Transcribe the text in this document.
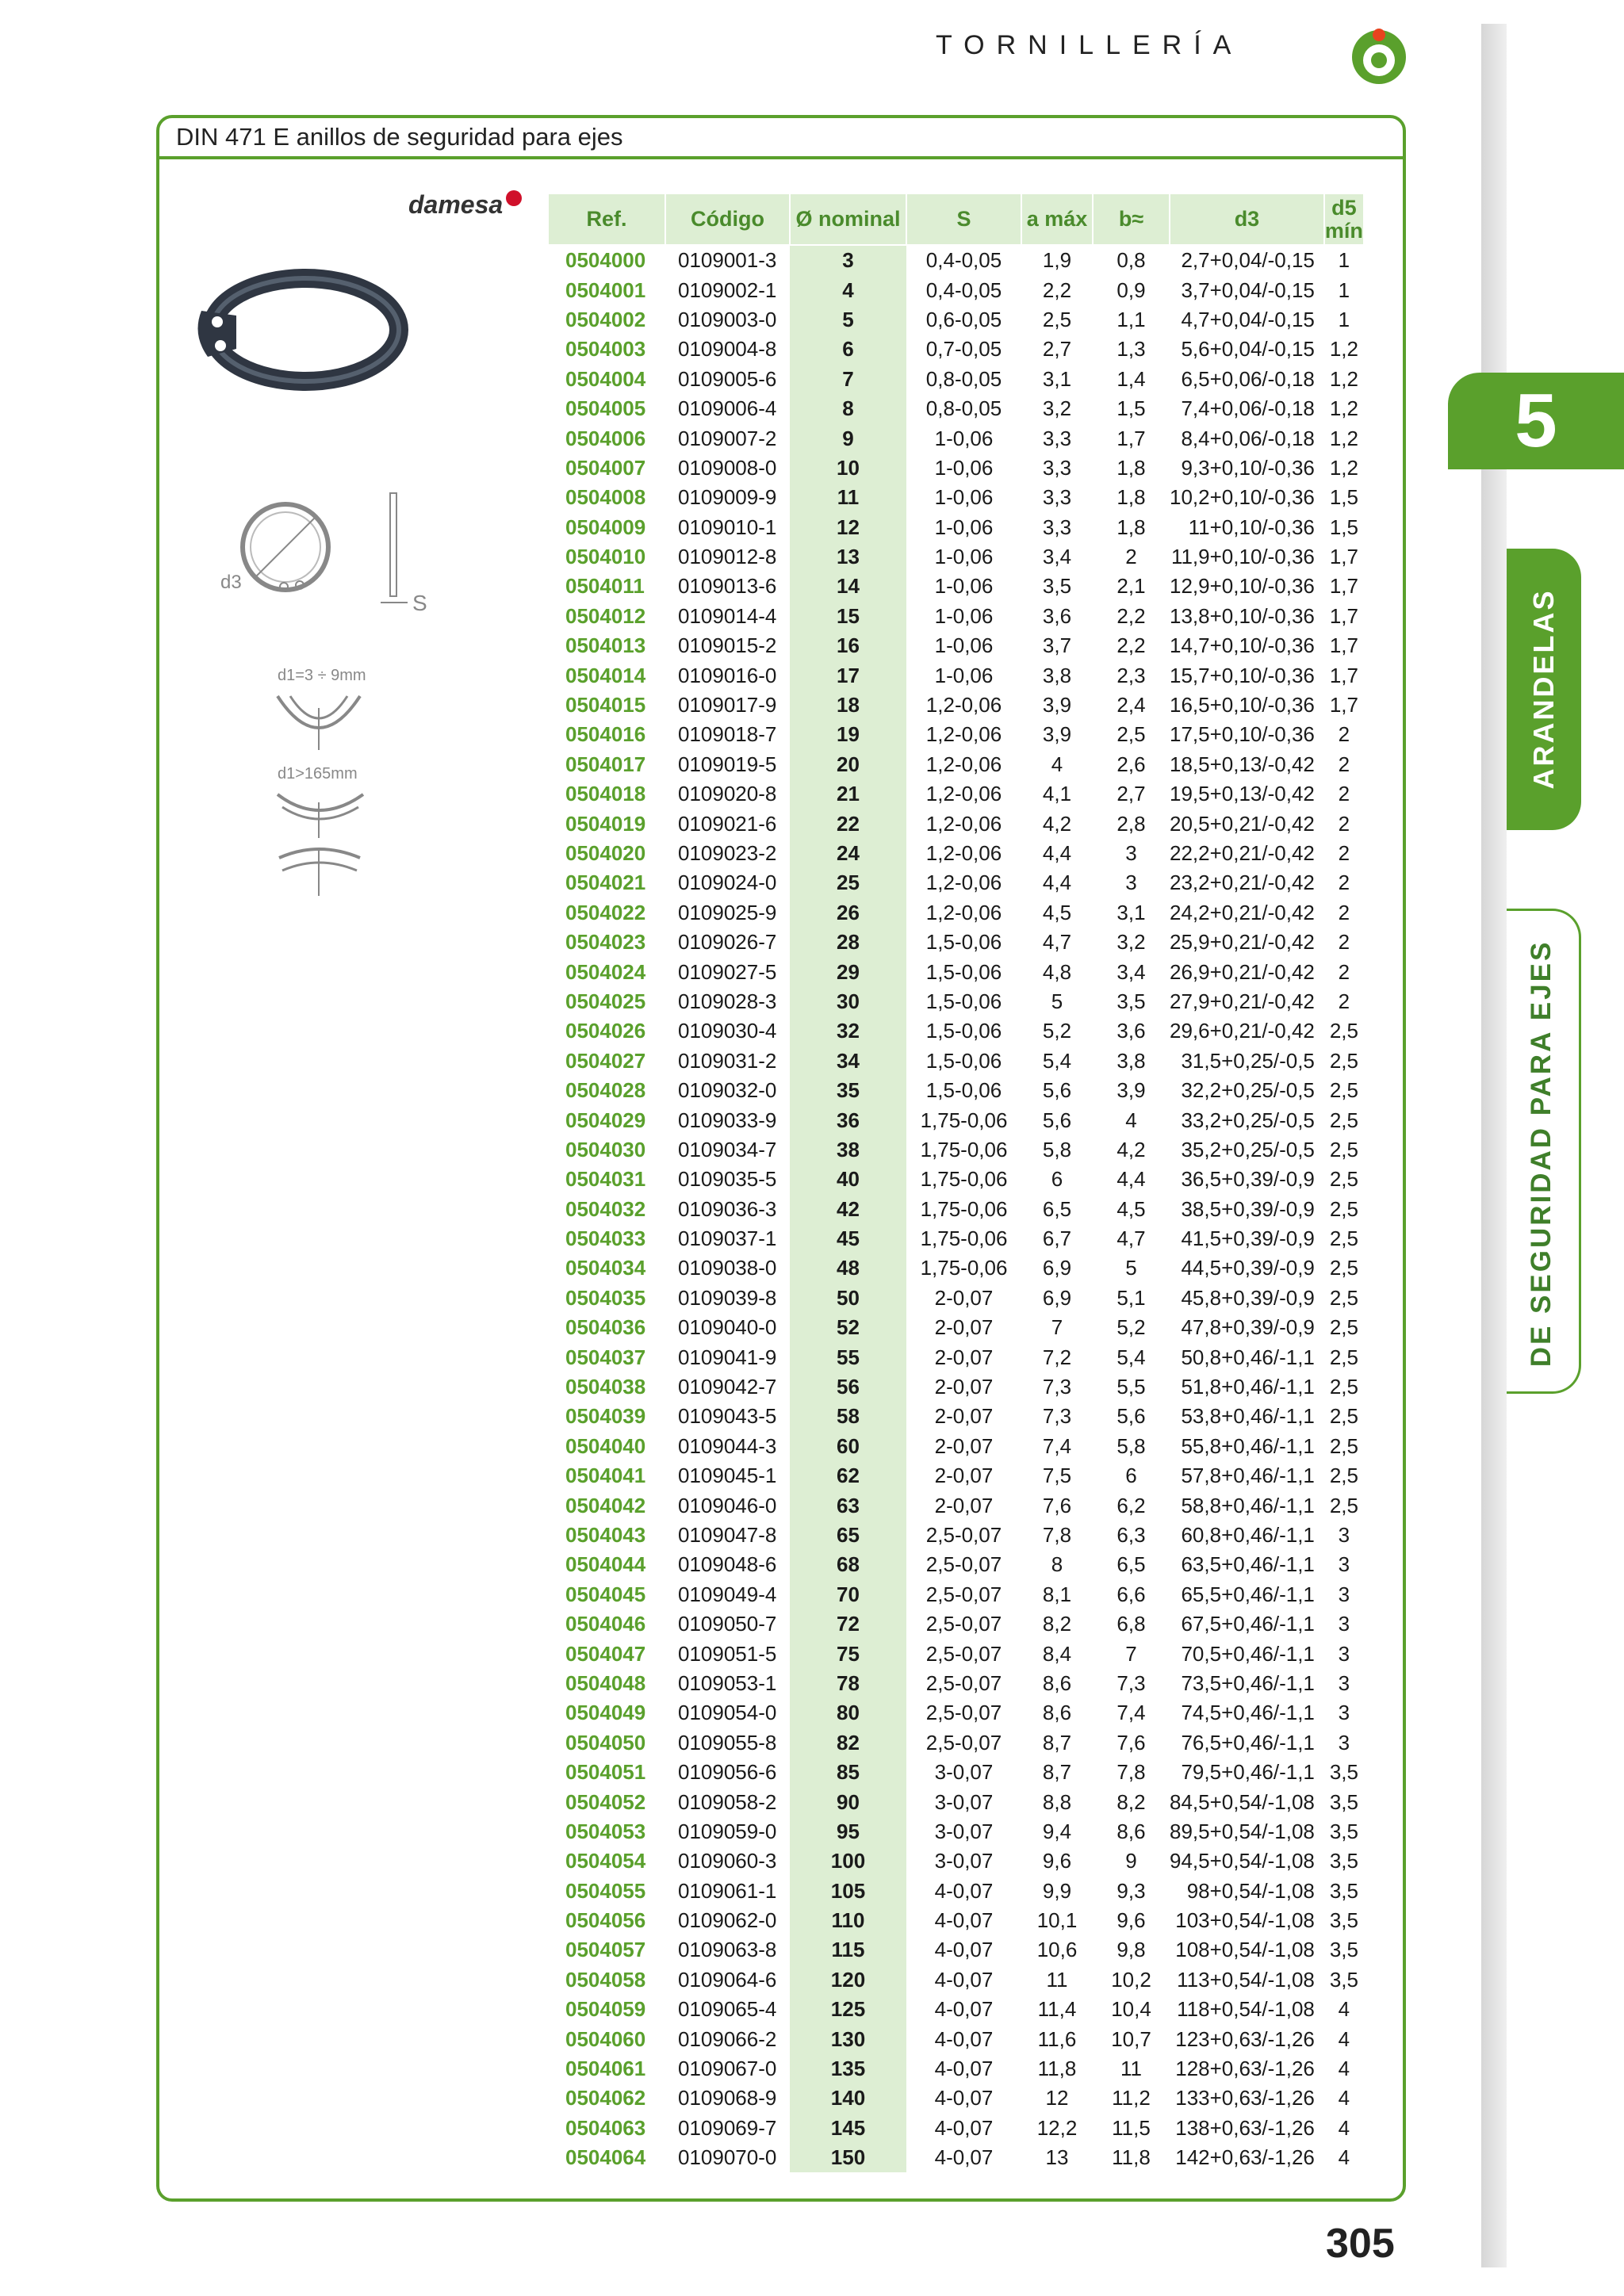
TORNILLERÍA
5
ARANDELAS
DE SEGURIDAD PARA EJES
DIN 471 E anillos de seguridad para ejes
damesa
d3
S
d1=3 ÷ 9mm
d1>165mm
Ref.	Código	Ø nominal	S	a máx	b≈	d3	d5 mín
0504000	0109001-3	3	0,4-0,05	1,9	0,8	2,7+0,04/-0,15	1
0504001	0109002-1	4	0,4-0,05	2,2	0,9	3,7+0,04/-0,15	1
0504002	0109003-0	5	0,6-0,05	2,5	1,1	4,7+0,04/-0,15	1
0504003	0109004-8	6	0,7-0,05	2,7	1,3	5,6+0,04/-0,15	1,2
0504004	0109005-6	7	0,8-0,05	3,1	1,4	6,5+0,06/-0,18	1,2
0504005	0109006-4	8	0,8-0,05	3,2	1,5	7,4+0,06/-0,18	1,2
0504006	0109007-2	9	1-0,06	3,3	1,7	8,4+0,06/-0,18	1,2
0504007	0109008-0	10	1-0,06	3,3	1,8	9,3+0,10/-0,36	1,2
0504008	0109009-9	11	1-0,06	3,3	1,8	10,2+0,10/-0,36	1,5
0504009	0109010-1	12	1-0,06	3,3	1,8	11+0,10/-0,36	1,5
0504010	0109012-8	13	1-0,06	3,4	2	11,9+0,10/-0,36	1,7
0504011	0109013-6	14	1-0,06	3,5	2,1	12,9+0,10/-0,36	1,7
0504012	0109014-4	15	1-0,06	3,6	2,2	13,8+0,10/-0,36	1,7
0504013	0109015-2	16	1-0,06	3,7	2,2	14,7+0,10/-0,36	1,7
0504014	0109016-0	17	1-0,06	3,8	2,3	15,7+0,10/-0,36	1,7
0504015	0109017-9	18	1,2-0,06	3,9	2,4	16,5+0,10/-0,36	1,7
0504016	0109018-7	19	1,2-0,06	3,9	2,5	17,5+0,10/-0,36	2
0504017	0109019-5	20	1,2-0,06	4	2,6	18,5+0,13/-0,42	2
0504018	0109020-8	21	1,2-0,06	4,1	2,7	19,5+0,13/-0,42	2
0504019	0109021-6	22	1,2-0,06	4,2	2,8	20,5+0,21/-0,42	2
0504020	0109023-2	24	1,2-0,06	4,4	3	22,2+0,21/-0,42	2
0504021	0109024-0	25	1,2-0,06	4,4	3	23,2+0,21/-0,42	2
0504022	0109025-9	26	1,2-0,06	4,5	3,1	24,2+0,21/-0,42	2
0504023	0109026-7	28	1,5-0,06	4,7	3,2	25,9+0,21/-0,42	2
0504024	0109027-5	29	1,5-0,06	4,8	3,4	26,9+0,21/-0,42	2
0504025	0109028-3	30	1,5-0,06	5	3,5	27,9+0,21/-0,42	2
0504026	0109030-4	32	1,5-0,06	5,2	3,6	29,6+0,21/-0,42	2,5
0504027	0109031-2	34	1,5-0,06	5,4	3,8	31,5+0,25/-0,5	2,5
0504028	0109032-0	35	1,5-0,06	5,6	3,9	32,2+0,25/-0,5	2,5
0504029	0109033-9	36	1,75-0,06	5,6	4	33,2+0,25/-0,5	2,5
0504030	0109034-7	38	1,75-0,06	5,8	4,2	35,2+0,25/-0,5	2,5
0504031	0109035-5	40	1,75-0,06	6	4,4	36,5+0,39/-0,9	2,5
0504032	0109036-3	42	1,75-0,06	6,5	4,5	38,5+0,39/-0,9	2,5
0504033	0109037-1	45	1,75-0,06	6,7	4,7	41,5+0,39/-0,9	2,5
0504034	0109038-0	48	1,75-0,06	6,9	5	44,5+0,39/-0,9	2,5
0504035	0109039-8	50	2-0,07	6,9	5,1	45,8+0,39/-0,9	2,5
0504036	0109040-0	52	2-0,07	7	5,2	47,8+0,39/-0,9	2,5
0504037	0109041-9	55	2-0,07	7,2	5,4	50,8+0,46/-1,1	2,5
0504038	0109042-7	56	2-0,07	7,3	5,5	51,8+0,46/-1,1	2,5
0504039	0109043-5	58	2-0,07	7,3	5,6	53,8+0,46/-1,1	2,5
0504040	0109044-3	60	2-0,07	7,4	5,8	55,8+0,46/-1,1	2,5
0504041	0109045-1	62	2-0,07	7,5	6	57,8+0,46/-1,1	2,5
0504042	0109046-0	63	2-0,07	7,6	6,2	58,8+0,46/-1,1	2,5
0504043	0109047-8	65	2,5-0,07	7,8	6,3	60,8+0,46/-1,1	3
0504044	0109048-6	68	2,5-0,07	8	6,5	63,5+0,46/-1,1	3
0504045	0109049-4	70	2,5-0,07	8,1	6,6	65,5+0,46/-1,1	3
0504046	0109050-7	72	2,5-0,07	8,2	6,8	67,5+0,46/-1,1	3
0504047	0109051-5	75	2,5-0,07	8,4	7	70,5+0,46/-1,1	3
0504048	0109053-1	78	2,5-0,07	8,6	7,3	73,5+0,46/-1,1	3
0504049	0109054-0	80	2,5-0,07	8,6	7,4	74,5+0,46/-1,1	3
0504050	0109055-8	82	2,5-0,07	8,7	7,6	76,5+0,46/-1,1	3
0504051	0109056-6	85	3-0,07	8,7	7,8	79,5+0,46/-1,1	3,5
0504052	0109058-2	90	3-0,07	8,8	8,2	84,5+0,54/-1,08	3,5
0504053	0109059-0	95	3-0,07	9,4	8,6	89,5+0,54/-1,08	3,5
0504054	0109060-3	100	3-0,07	9,6	9	94,5+0,54/-1,08	3,5
0504055	0109061-1	105	4-0,07	9,9	9,3	98+0,54/-1,08	3,5
0504056	0109062-0	110	4-0,07	10,1	9,6	103+0,54/-1,08	3,5
0504057	0109063-8	115	4-0,07	10,6	9,8	108+0,54/-1,08	3,5
0504058	0109064-6	120	4-0,07	11	10,2	113+0,54/-1,08	3,5
0504059	0109065-4	125	4-0,07	11,4	10,4	118+0,54/-1,08	4
0504060	0109066-2	130	4-0,07	11,6	10,7	123+0,63/-1,26	4
0504061	0109067-0	135	4-0,07	11,8	11	128+0,63/-1,26	4
0504062	0109068-9	140	4-0,07	12	11,2	133+0,63/-1,26	4
0504063	0109069-7	145	4-0,07	12,2	11,5	138+0,63/-1,26	4
0504064	0109070-0	150	4-0,07	13	11,8	142+0,63/-1,26	4
305
